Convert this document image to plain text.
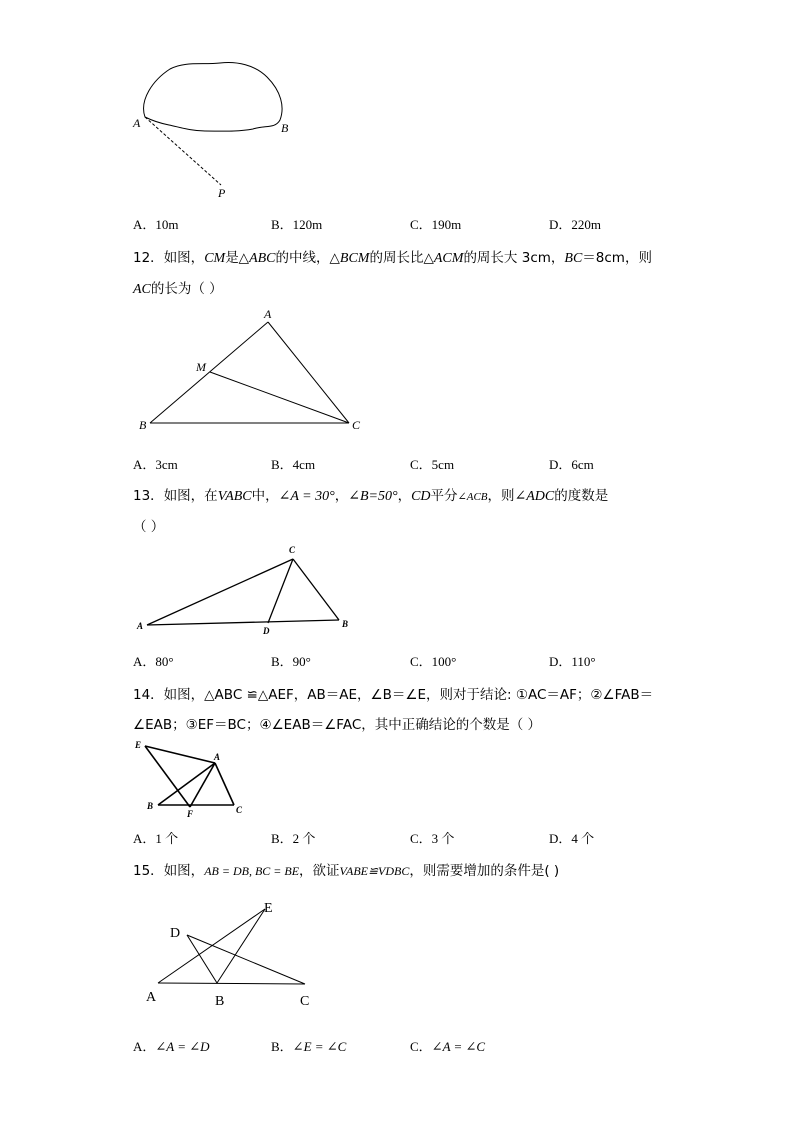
A	B
P
A．10m	B．120m	C．190m	D．220m
12．如图，CM是△ABC的中线，△BCM的周长比△ACM的周长大 3cm，BC＝8cm，则
AC的长为（ ）
A
M
B	C
A．3cm	B．4cm	C．5cm	D．6cm
13．如图，在VABC中，∠A = 30°，∠B=50°，CD平分∠ACB，则∠ADC的度数是
（ ）
C
A	D
B
A．80°	B．90°	C．100°	D．110°
14．如图，△ABC ≌△AEF，AB＝AE，∠B＝∠E，则对于结论: ①AC＝AF；②∠FAB＝
∠EAB；③EF＝BC；④∠EAB＝∠FAC，其中正确结论的个数是（ ）
E
A
B
F	C
A．1 个	B．2 个	C．3 个	D．4 个
15．如图，AB = DB, BC = BE，欲证VABE≌VDBC，则需要增加的条件是( )
D
E
A	B	C
A．∠A = ∠D	B．∠E = ∠C	C．∠A = ∠C
